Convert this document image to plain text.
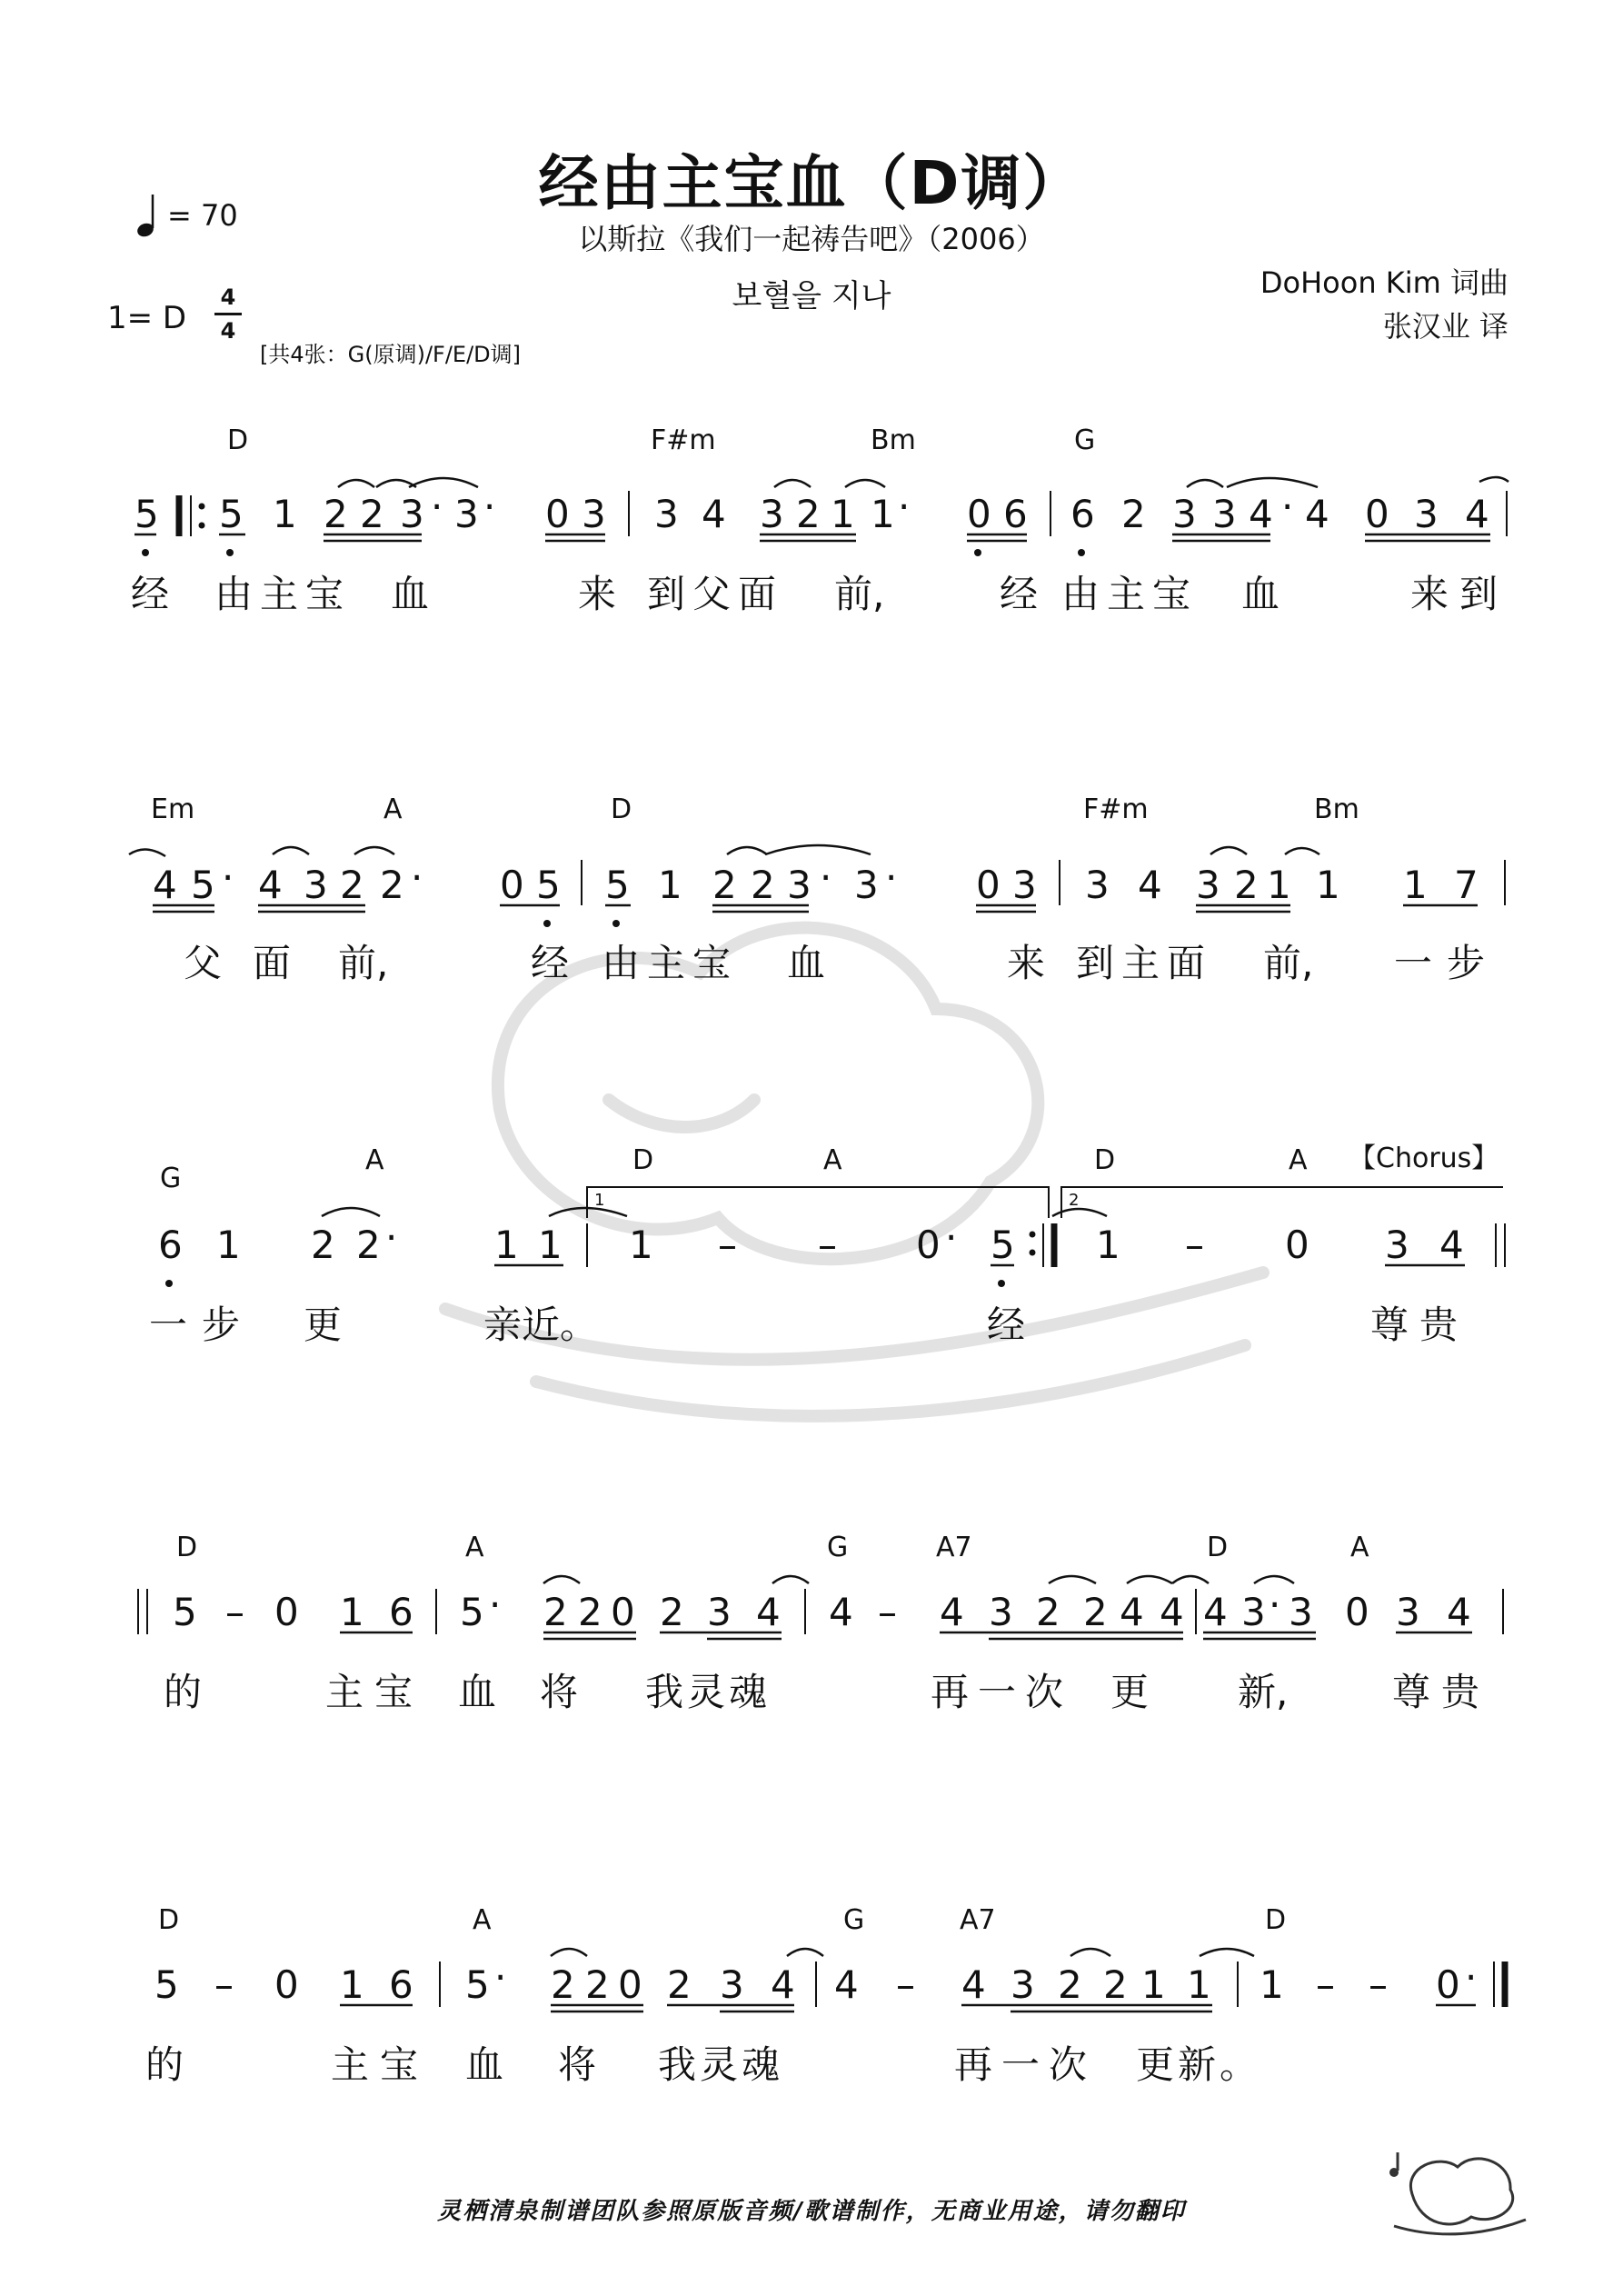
经由主宝血（D调）
以斯拉《我们一起祷告吧》（2006）
보혈을 지나	DoHoon Kim 词曲
张汉业 译
= 70
1= D
4
4
[共4张：G(原调)/F/E/D调]
D	F#m	Bm	G
5 5 1 2 2 3 · 3 · 0 3 3 4 3 2 1 1 · 0 6 6 2 3 3 4 · 4 0 3 4
经 由主宝 血	来 到父面 前,	经 由主宝 血	来到
Em	A	D	F#m	Bm
4 5 · 4 3 2 2 · 0 5 5 1 2 2 3 · 3 · 0 3 3 4 3 2 1 1 1 7
父 面 前,	经 由主宝 血	来 到主面 前, 一步
G
A	D	A	D	A 【Chorus】
1	2
6 1 2 2 ·	1 1 1 – – 0 · 5 1 – 0 3 4
一步 更	亲近。	经	尊贵
D	A	G	A7	D	A
5 – 0 1 6 5 · 2 2 0 2 3 4 4 – 4 3 2 2 4 4 4 3 · 3 0 3 4
的	主宝 血 将 我灵魂	再一次 更 新,	尊贵
D	A	G	A7	D
5 – 0 1 6 5 · 2 2 0 2 3 4 4 – 4 3 2 2 1 1 1 – – 0 ·
的	主宝 血 将 我灵魂	再一次 更新。
灵栖清泉制谱团队参照原版音频/歌谱制作，无商业用途，请勿翻印
